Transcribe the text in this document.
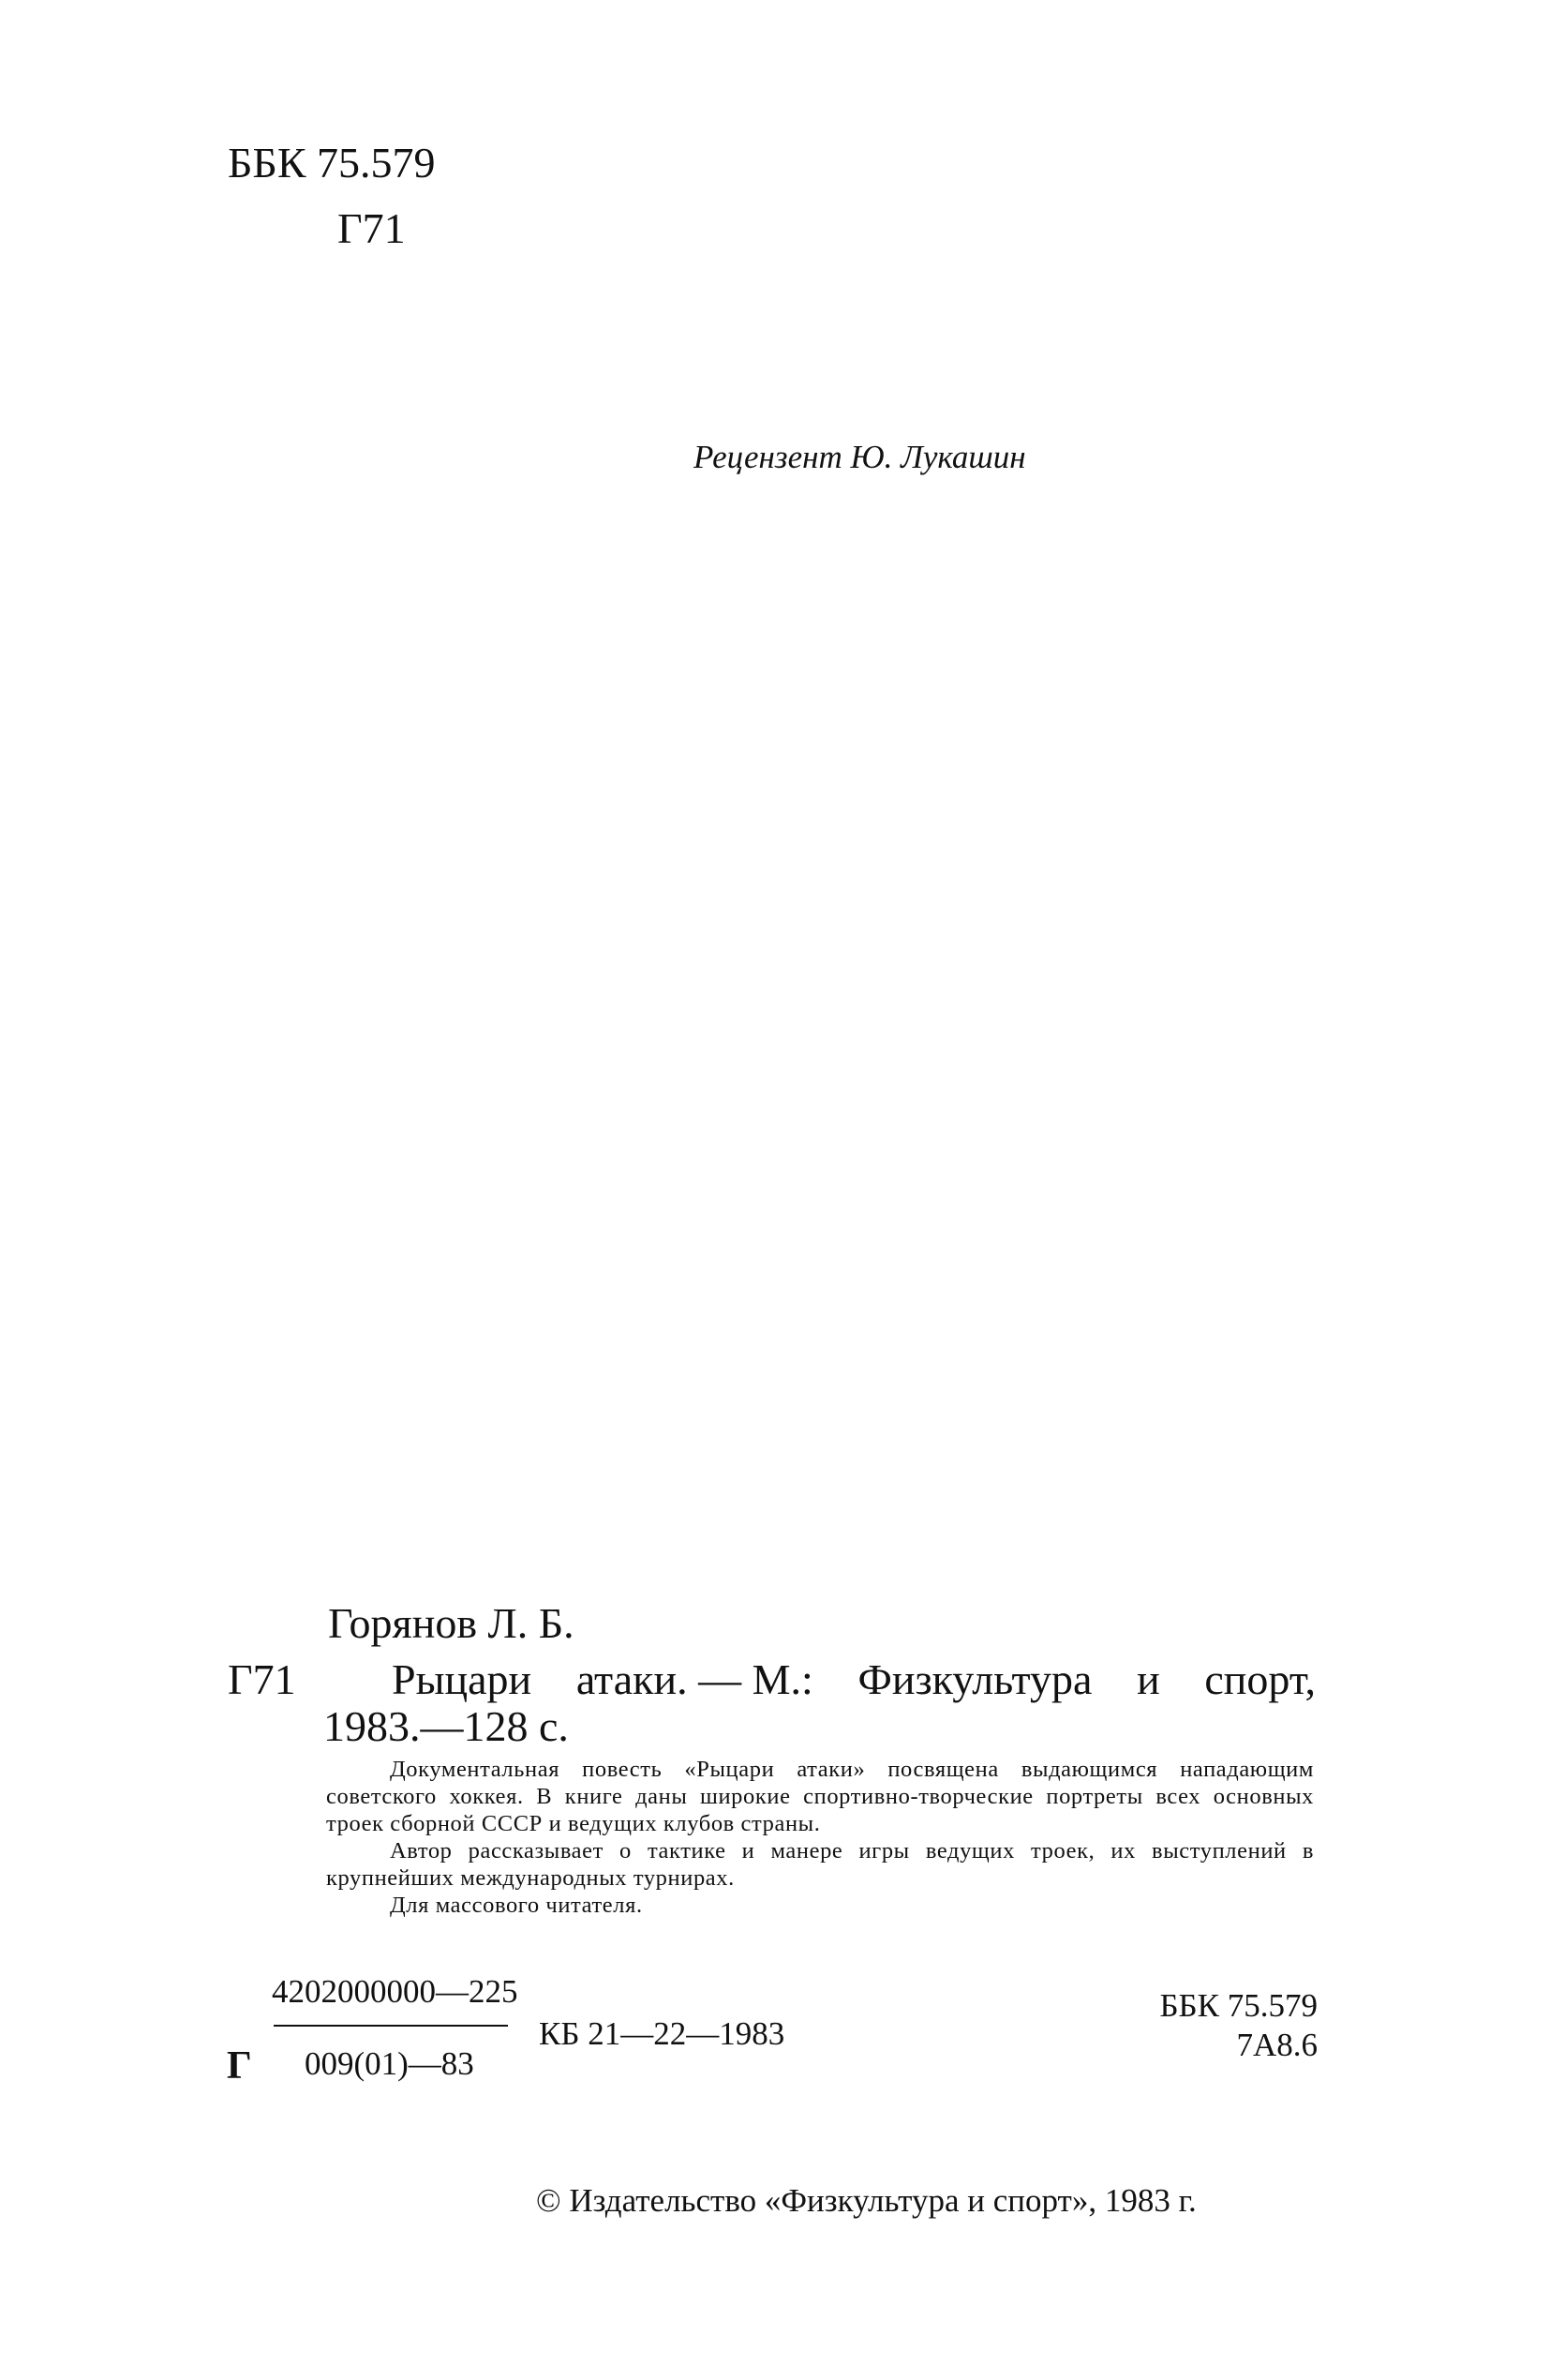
ББК 75.579
Г71
Рецензент Ю. Лукашин
Горянов Л. Б.
Г71 Рыцари атаки. — М.: Физкультура и спорт,
1983.—128 с.

Документальная повесть «Рыцари атаки» посвящена выдающимся нападающим советского хоккея. В книге даны широкие спортивно-творческие портреты всех основных троек сборной СССР и ведущих клубов страны.

Автор рассказывает о тактике и манере игры ведущих троек, их выступлений в крупнейших международных турнирах.

Для массового читателя.

Г
4202000000—225
009(01)—83
КБ 21—22—1983
ББК 75.579
7А8.6
© Издательство «Физкультура и спорт», 1983 г.
